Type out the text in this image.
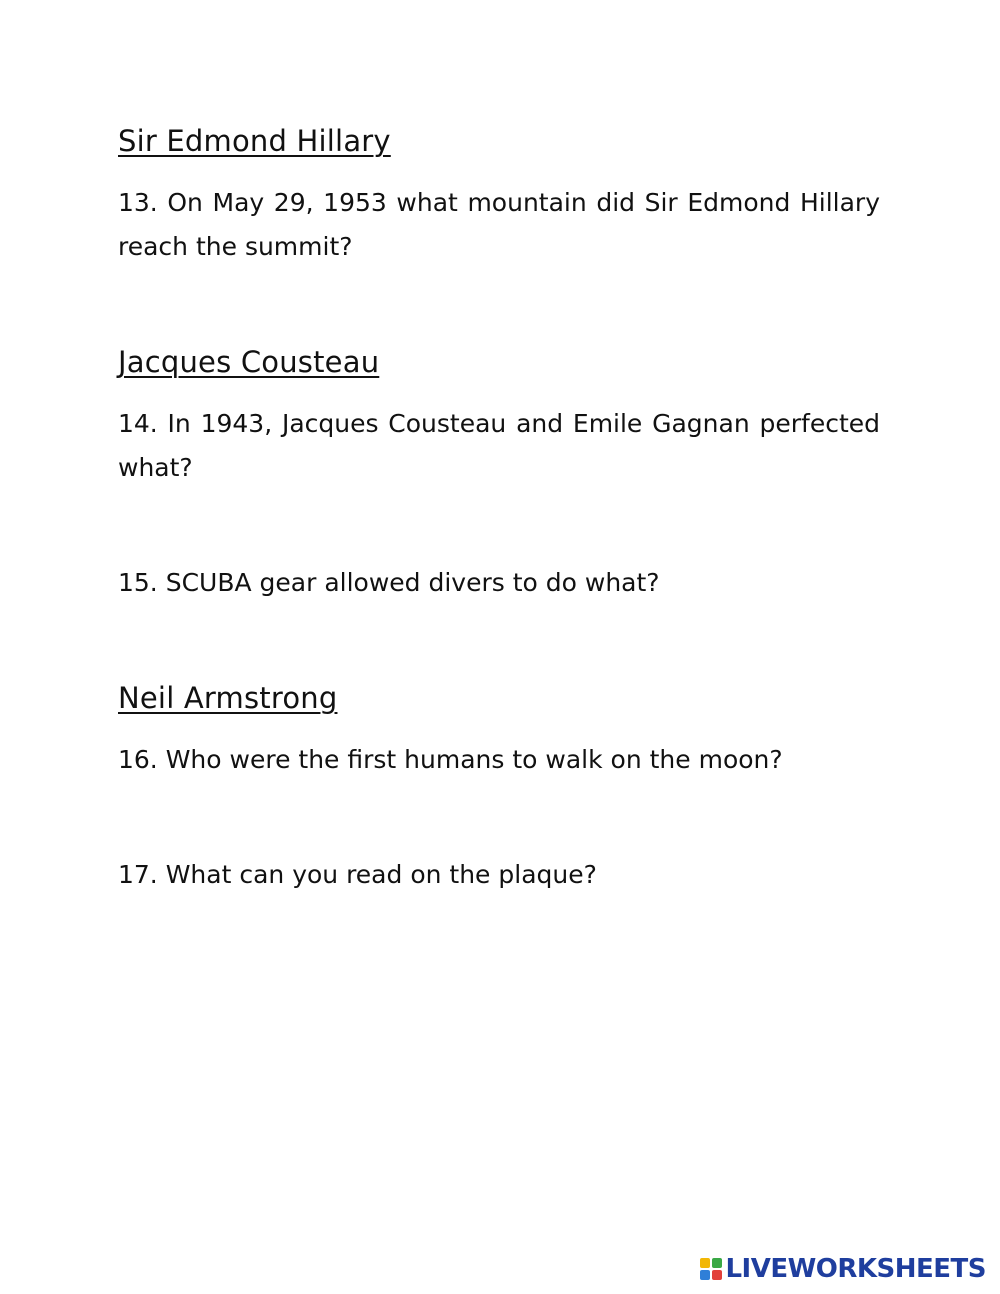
Sir Edmond Hillary
13. On May 29, 1953 what mountain did Sir Edmond Hillary reach the summit?
Jacques Cousteau
14. In 1943, Jacques Cousteau and Emile Gagnan perfected what?
15. SCUBA gear allowed divers to do what?
Neil Armstrong
16. Who were the first humans to walk on the moon?
17. What can you read on the plaque?
LIVEWORKSHEETS
